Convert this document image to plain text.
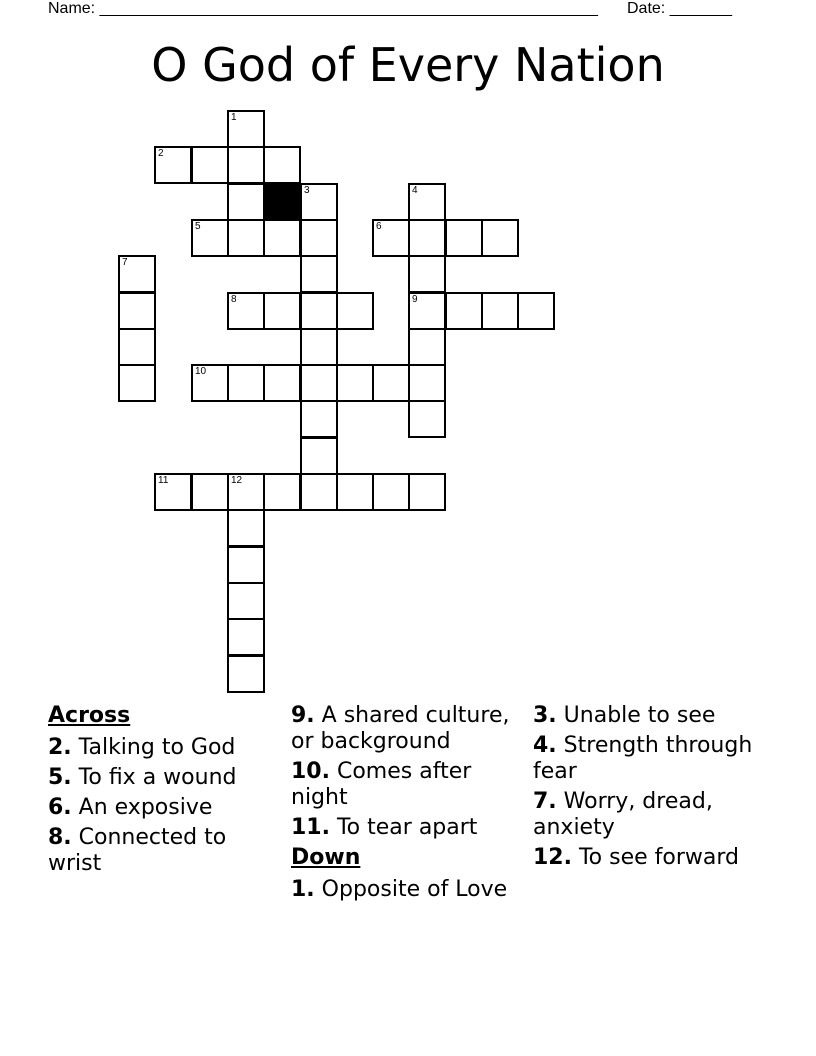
Name: ________________________________________________________ Date: _______
O God of Every Nation
1
2
3	4
9
5	6
7
8
10
11	12
Across
2. Talking to God
5. To fix a wound
6. An exposive
8. Connected to wrist
9. A shared culture, or background
10. Comes after night
11. To tear apart
Down
1. Opposite of Love
3. Unable to see
4. Strength through fear
7. Worry, dread, anxiety
12. To see forward
